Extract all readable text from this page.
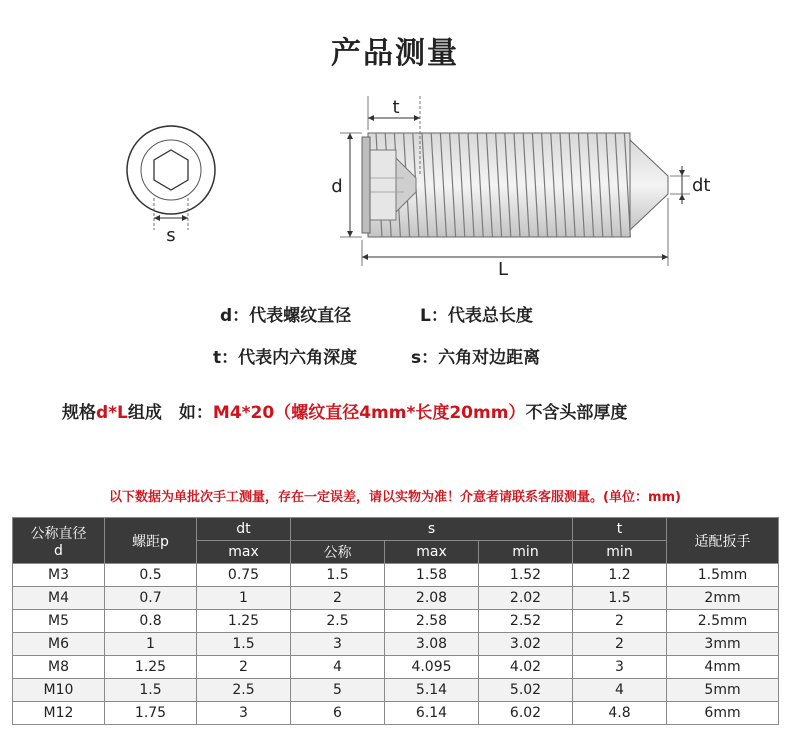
产品测量
s
t
d	dt
L
d：代表螺纹直径	L：代表总长度
t：代表内六角深度	s：六角对边距离
规格d*L组成　如：M4*20（螺纹直径4mm*长度20mm）不含头部厚度
以下数据为单批次手工测量，存在一定误差，请以实物为准！介意者请联系客服测量。(单位：mm)
公称直径
d	螺距p	dt	s			t	适配扳手
		max	公称	max	min	min	
M3	0.5	0.75	1.5	1.58	1.52	1.2	1.5mm
M4	0.7	1	2	2.08	2.02	1.5	2mm
M5	0.8	1.25	2.5	2.58	2.52	2	2.5mm
M6	1	1.5	3	3.08	3.02	2	3mm
M8	1.25	2	4	4.095	4.02	3	4mm
M10	1.5	2.5	5	5.14	5.02	4	5mm
M12	1.75	3	6	6.14	6.02	4.8	6mm
